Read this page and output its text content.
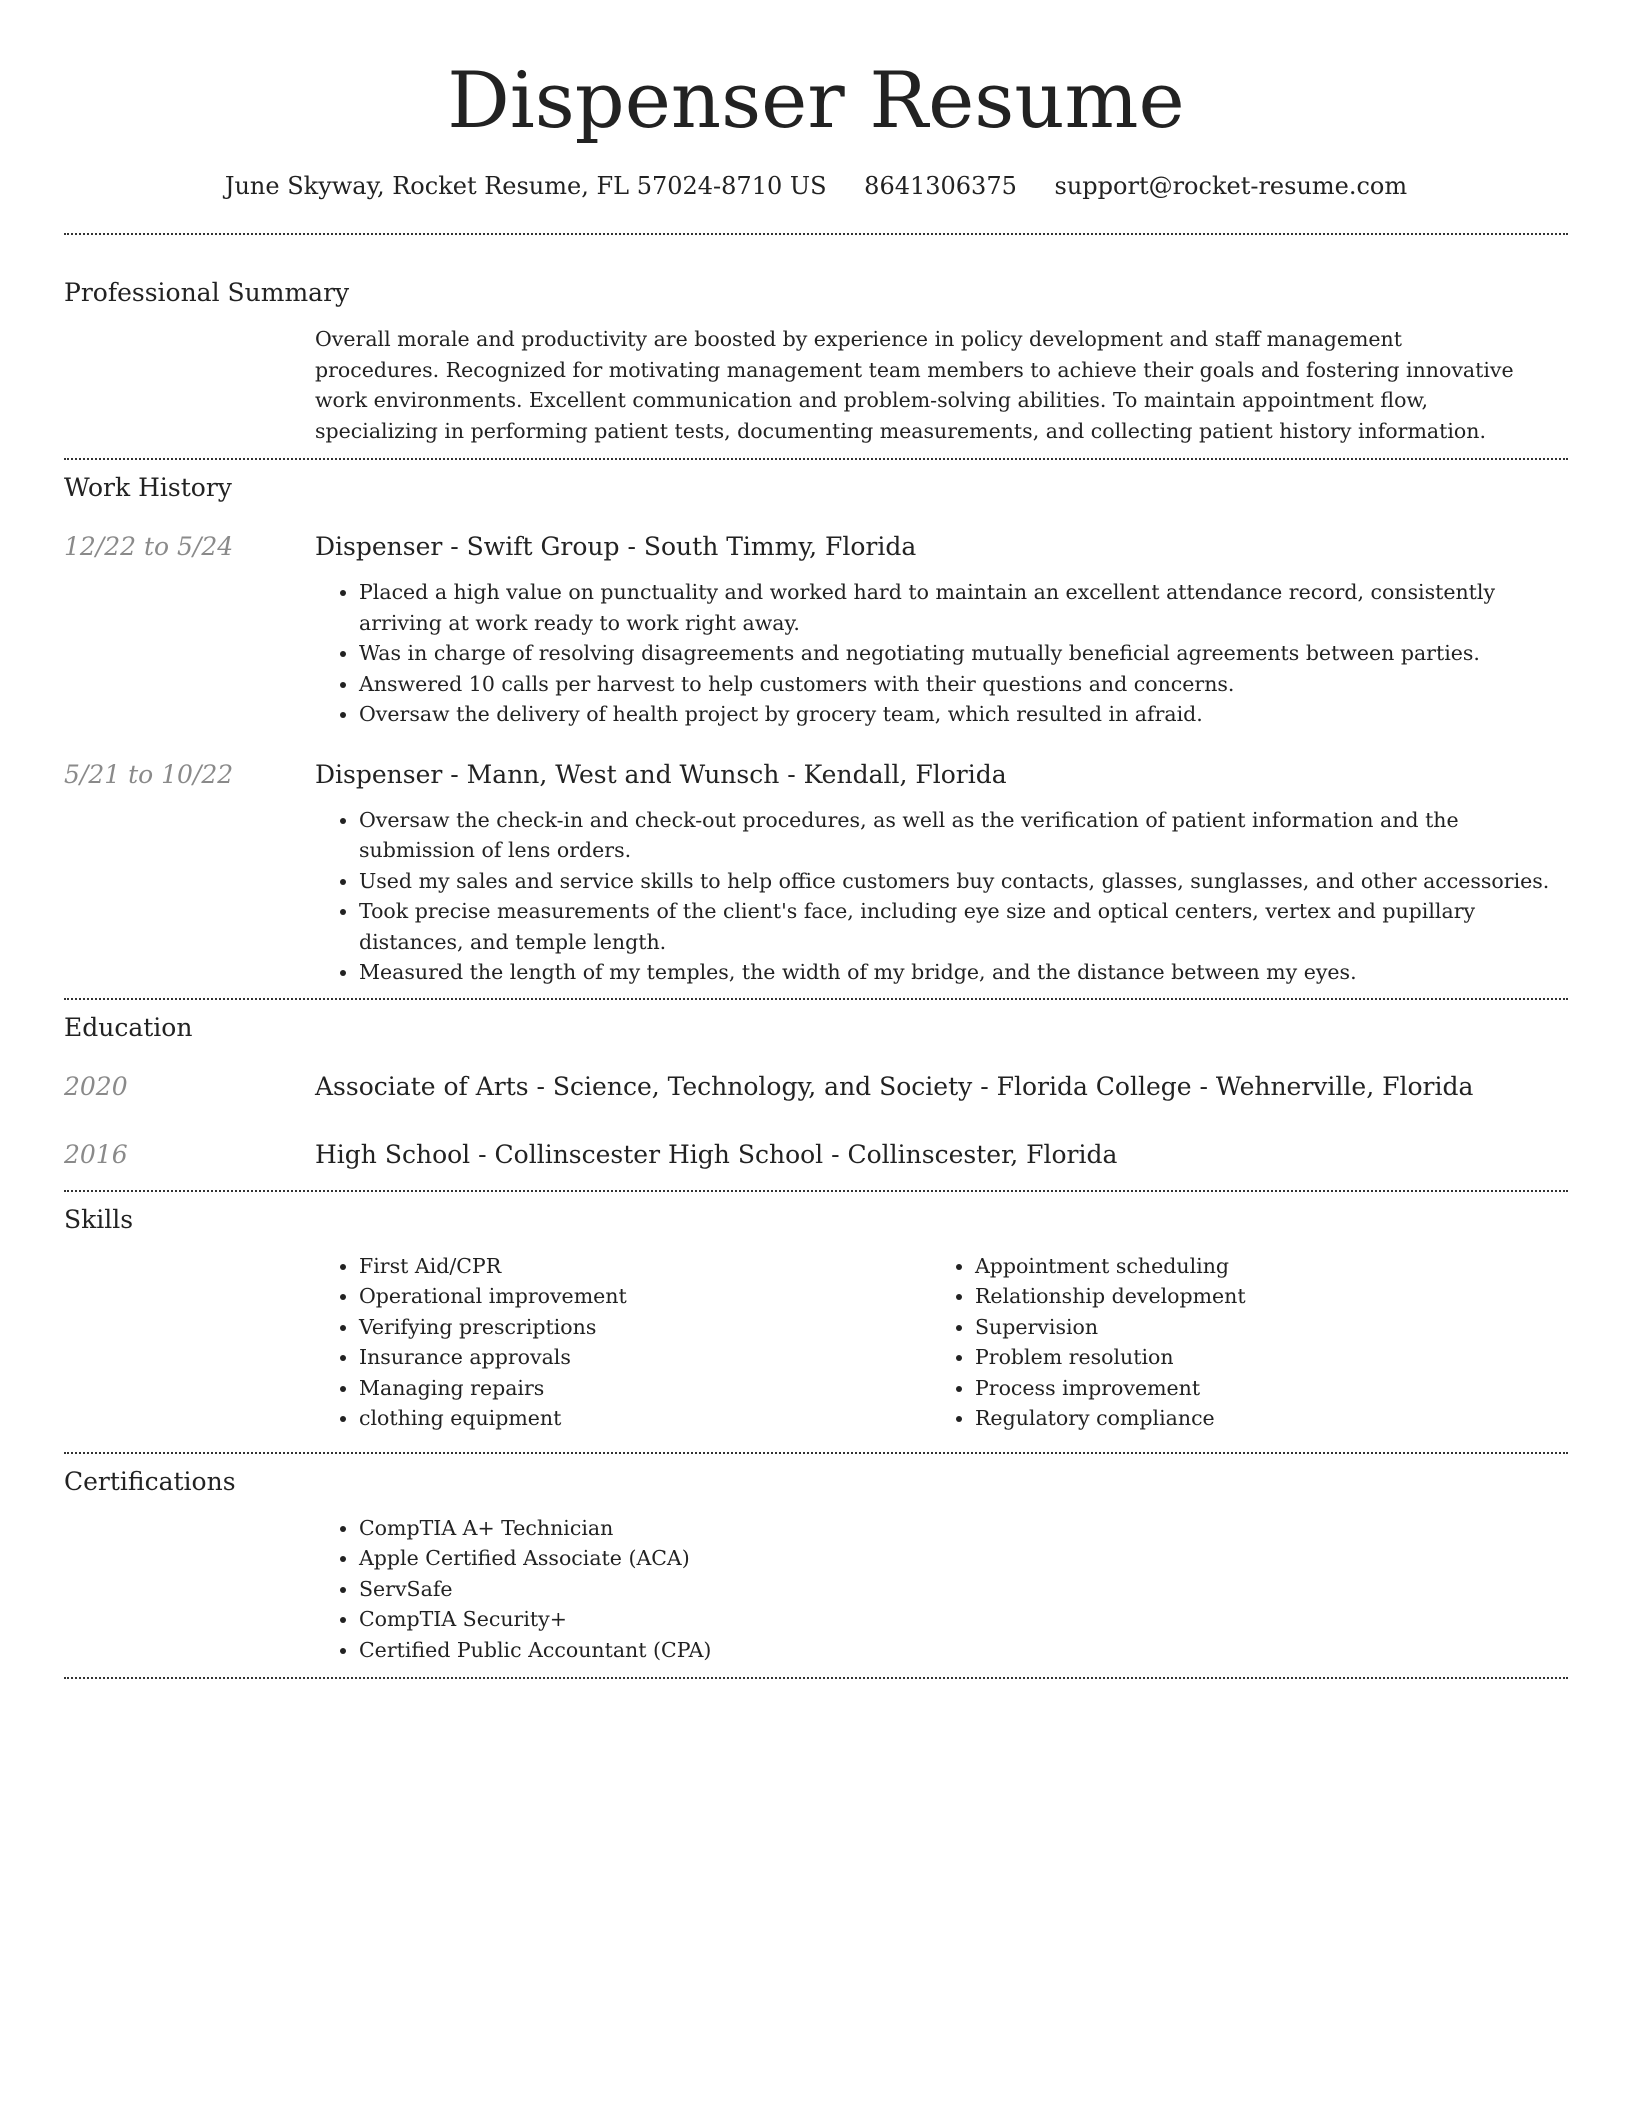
Dispenser Resume
June Skyway, Rocket Resume, FL 57024-8710 US 8641306375 support@rocket-resume.com
Professional Summary

Overall morale and productivity are boosted by experience in policy development and staff management procedures. Recognized for motivating management team members to achieve their goals and fostering innovative work environments. Excellent communication and problem-solving abilities. To maintain appointment flow, specializing in performing patient tests, documenting measurements, and collecting patient history information.

Work History
12/22 to 5/24	Dispenser - Swift Group - South Timmy, Florida
• Placed a high value on punctuality and worked hard to maintain an excellent attendance record, consistently arriving at work ready to work right away.
• Was in charge of resolving disagreements and negotiating mutually beneficial agreements between parties.
• Answered 10 calls per harvest to help customers with their questions and concerns.
• Oversaw the delivery of health project by grocery team, which resulted in afraid.
5/21 to 10/22	Dispenser - Mann, West and Wunsch - Kendall, Florida
• Oversaw the check-in and check-out procedures, as well as the verification of patient information and the submission of lens orders.
• Used my sales and service skills to help office customers buy contacts, glasses, sunglasses, and other accessories.
• Took precise measurements of the client's face, including eye size and optical centers, vertex and pupillary distances, and temple length.
• Measured the length of my temples, the width of my bridge, and the distance between my eyes.
Education
2020	Associate of Arts - Science, Technology, and Society - Florida College - Wehnerville, Florida
2016	High School - Collinscester High School - Collinscester, Florida
Skills
• First Aid/CPR
• Operational improvement
• Verifying prescriptions
• Insurance approvals
• Managing repairs
• clothing equipment
• Appointment scheduling
• Relationship development
• Supervision
• Problem resolution
• Process improvement
• Regulatory compliance
Certifications
• CompTIA A+ Technician
• Apple Certified Associate (ACA)
• ServSafe
• CompTIA Security+
• Certified Public Accountant (CPA)
